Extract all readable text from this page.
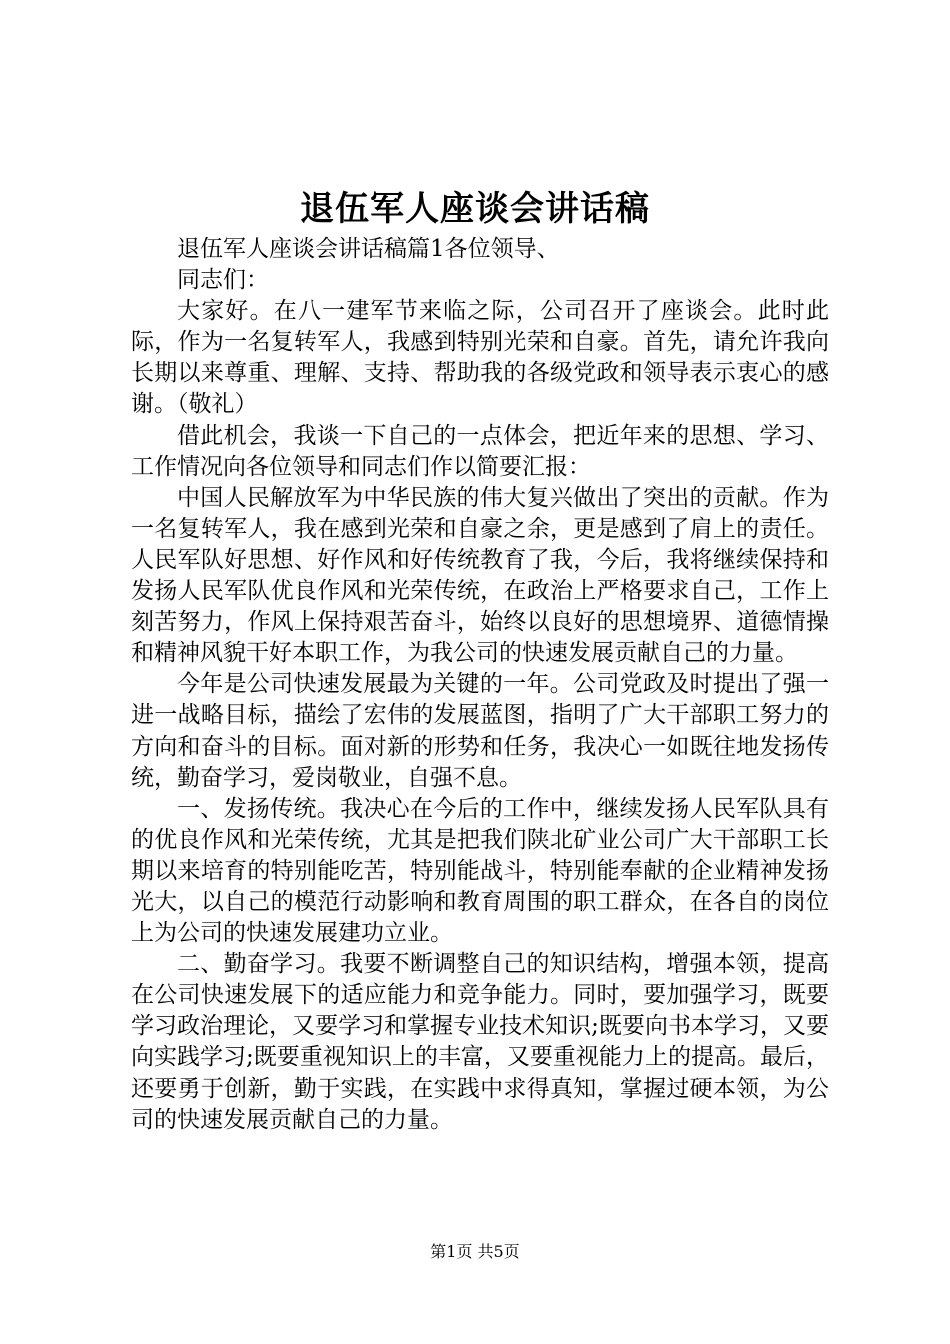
退伍军人座谈会讲话稿

退伍军人座谈会讲话稿篇1各位领导、

同志们：

大家好。在八一建军节来临之际，公司召开了座谈会。此时此际，作为一名复转军人，我感到特别光荣和自豪。首先，请允许我向长期以来尊重、理解、支持、帮助我的各级党政和领导表示衷心的感谢。（敬礼）

借此机会，我谈一下自己的一点体会，把近年来的思想、学习、工作情况向各位领导和同志们作以简要汇报：

中国人民解放军为中华民族的伟大复兴做出了突出的贡献。作为一名复转军人，我在感到光荣和自豪之余，更是感到了肩上的责任。人民军队好思想、好作风和好传统教育了我，今后，我将继续保持和发扬人民军队优良作风和光荣传统，在政治上严格要求自己，工作上刻苦努力，作风上保持艰苦奋斗，始终以良好的思想境界、道德情操和精神风貌干好本职工作，为我公司的快速发展贡献自己的力量。

今年是公司快速发展最为关键的一年。公司党政及时提出了强一进一战略目标，描绘了宏伟的发展蓝图，指明了广大干部职工努力的方向和奋斗的目标。面对新的形势和任务，我决心一如既往地发扬传统，勤奋学习，爱岗敬业，自强不息。

一、发扬传统。我决心在今后的工作中，继续发扬人民军队具有的优良作风和光荣传统，尤其是把我们陕北矿业公司广大干部职工长期以来培育的特别能吃苦，特别能战斗，特别能奉献的企业精神发扬光大，以自己的模范行动影响和教育周围的职工群众，在各自的岗位上为公司的快速发展建功立业。

二、勤奋学习。我要不断调整自己的知识结构，增强本领，提高在公司快速发展下的适应能力和竞争能力。同时，要加强学习，既要学习政治理论，又要学习和掌握专业技术知识;既要向书本学习，又要向实践学习;既要重视知识上的丰富，又要重视能力上的提高。最后，还要勇于创新，勤于实践，在实践中求得真知，掌握过硬本领，为公司的快速发展贡献自己的力量。

第1页 共5页
